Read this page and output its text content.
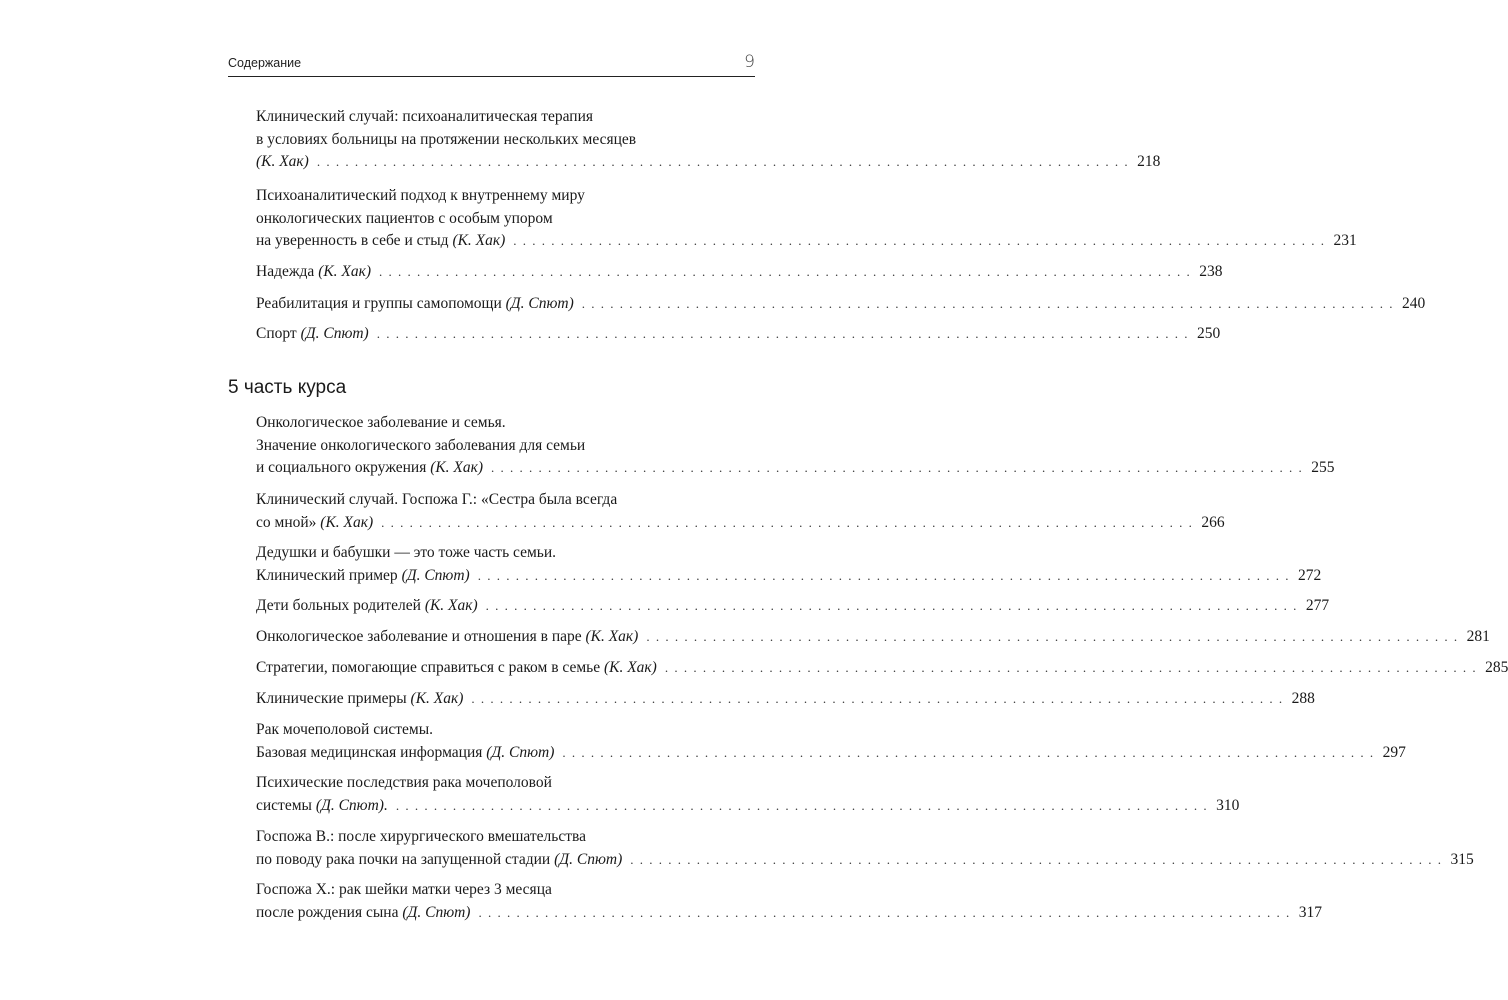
Содержание	9
Клинический случай: психоаналитическая терапия
в условиях больницы на протяжении нескольких месяцев
(К. Хак) . . . . . . . . . . . . . . . . . . . . . . . . . . . . . . . . . . . . . . . . . . . . . . . . . . . . . . . . . . . . . . . . . . . . . . . . . . . . . . . . . . . . . . 218
Психоаналитический подход к внутреннему миру
онкологических пациентов с особым упором
на уверенность в себе и стыд
(К. Хак) . . . . . . . . . . . . . . . . . . . . . . . . . . . . . . . . . . . . . . . . . . . . . . . . . . . . . . . . . . . . . . . . . . . . . . . . . . . . . . . . . . . . . . 231
Надежда
(К. Хак) . . . . . . . . . . . . . . . . . . . . . . . . . . . . . . . . . . . . . . . . . . . . . . . . . . . . . . . . . . . . . . . . . . . . . . . . . . . . . . . . . . . . . . 238
Реабилитация и группы самопомощи
(Д. Спют) . . . . . . . . . . . . . . . . . . . . . . . . . . . . . . . . . . . . . . . . . . . . . . . . . . . . . . . . . . . . . . . . . . . . . . . . . . . . . . . . . . . . . . 240
Спорт
(Д. Спют) . . . . . . . . . . . . . . . . . . . . . . . . . . . . . . . . . . . . . . . . . . . . . . . . . . . . . . . . . . . . . . . . . . . . . . . . . . . . . . . . . . . . . . 250
5 часть курса
Онкологическое заболевание и семья.
Значение онкологического заболевания для семьи
и социального окружения
(К. Хак) . . . . . . . . . . . . . . . . . . . . . . . . . . . . . . . . . . . . . . . . . . . . . . . . . . . . . . . . . . . . . . . . . . . . . . . . . . . . . . . . . . . . . . 255
Клинический случай. Госпожа Г.: «Сестра была всегда
со мной»
(К. Хак) . . . . . . . . . . . . . . . . . . . . . . . . . . . . . . . . . . . . . . . . . . . . . . . . . . . . . . . . . . . . . . . . . . . . . . . . . . . . . . . . . . . . . . 266
Дедушки и бабушки — это тоже часть семьи.
Клинический пример
(Д. Спют) . . . . . . . . . . . . . . . . . . . . . . . . . . . . . . . . . . . . . . . . . . . . . . . . . . . . . . . . . . . . . . . . . . . . . . . . . . . . . . . . . . . . . . 272
Дети больных родителей
(К. Хак) . . . . . . . . . . . . . . . . . . . . . . . . . . . . . . . . . . . . . . . . . . . . . . . . . . . . . . . . . . . . . . . . . . . . . . . . . . . . . . . . . . . . . . 277
Онкологическое заболевание и отношения в паре
(К. Хак) . . . . . . . . . . . . . . . . . . . . . . . . . . . . . . . . . . . . . . . . . . . . . . . . . . . . . . . . . . . . . . . . . . . . . . . . . . . . . . . . . . . . . . 281
Стратегии, помогающие справиться с раком в семье
(К. Хак) . . . . . . . . . . . . . . . . . . . . . . . . . . . . . . . . . . . . . . . . . . . . . . . . . . . . . . . . . . . . . . . . . . . . . . . . . . . . . . . . . . . . . . 285
Клинические примеры
(К. Хак) . . . . . . . . . . . . . . . . . . . . . . . . . . . . . . . . . . . . . . . . . . . . . . . . . . . . . . . . . . . . . . . . . . . . . . . . . . . . . . . . . . . . . . 288
Рак мочеполовой системы.
Базовая медицинская информация
(Д. Спют) . . . . . . . . . . . . . . . . . . . . . . . . . . . . . . . . . . . . . . . . . . . . . . . . . . . . . . . . . . . . . . . . . . . . . . . . . . . . . . . . . . . . . . 297
Психические последствия рака мочеполовой
системы
(Д. Спют). . . . . . . . . . . . . . . . . . . . . . . . . . . . . . . . . . . . . . . . . . . . . . . . . . . . . . . . . . . . . . . . . . . . . . . . . . . . . . . . . . . . . . . 310
Госпожа В.: после хирургического вмешательства
по поводу рака почки на запущенной стадии
(Д. Спют) . . . . . . . . . . . . . . . . . . . . . . . . . . . . . . . . . . . . . . . . . . . . . . . . . . . . . . . . . . . . . . . . . . . . . . . . . . . . . . . . . . . . . . 315
Госпожа Х.: рак шейки матки через 3 месяца
после рождения сына
(Д. Спют) . . . . . . . . . . . . . . . . . . . . . . . . . . . . . . . . . . . . . . . . . . . . . . . . . . . . . . . . . . . . . . . . . . . . . . . . . . . . . . . . . . . . . . 317
